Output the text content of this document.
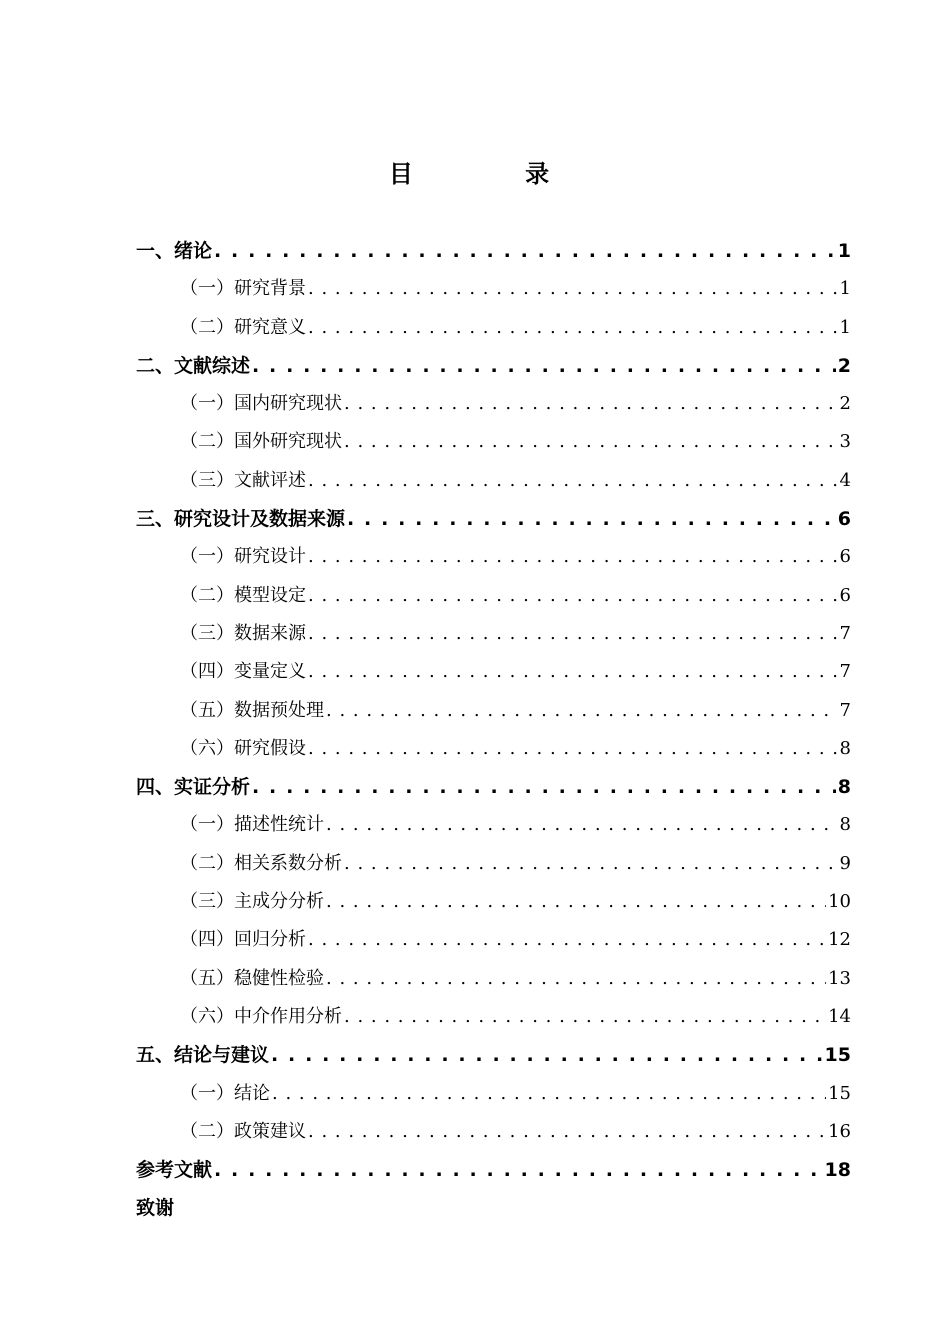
目 录
一、绪论 . . .	1
（一）研究背景 . . .	1
（二）研究意义 . . .	1
二、文献综述 . . .	2
（一）国内研究现状 . . .	2
（二）国外研究现状 . . .	3
（三）文献评述 . . .	4
三、研究设计及数据来源 . . .	6
（一）研究设计 . . .	6
（二）模型设定 . . .	6
（三）数据来源 . . .	7
（四）变量定义 . . .	7
（五）数据预处理 . . .	7
（六）研究假设 . . .	8
四、实证分析 . . .	8
（一）描述性统计 . . .	8
（二）相关系数分析 . . .	9
（三）主成分分析 . . .	10
（四）回归分析 . . .	12
（五）稳健性检验 . . .	13
（六）中介作用分析 . . .	14
五、结论与建议 . . .	15
（一）结论 . . .	15
（二）政策建议 . . .	16
参考文献 . . .	18
致谢
